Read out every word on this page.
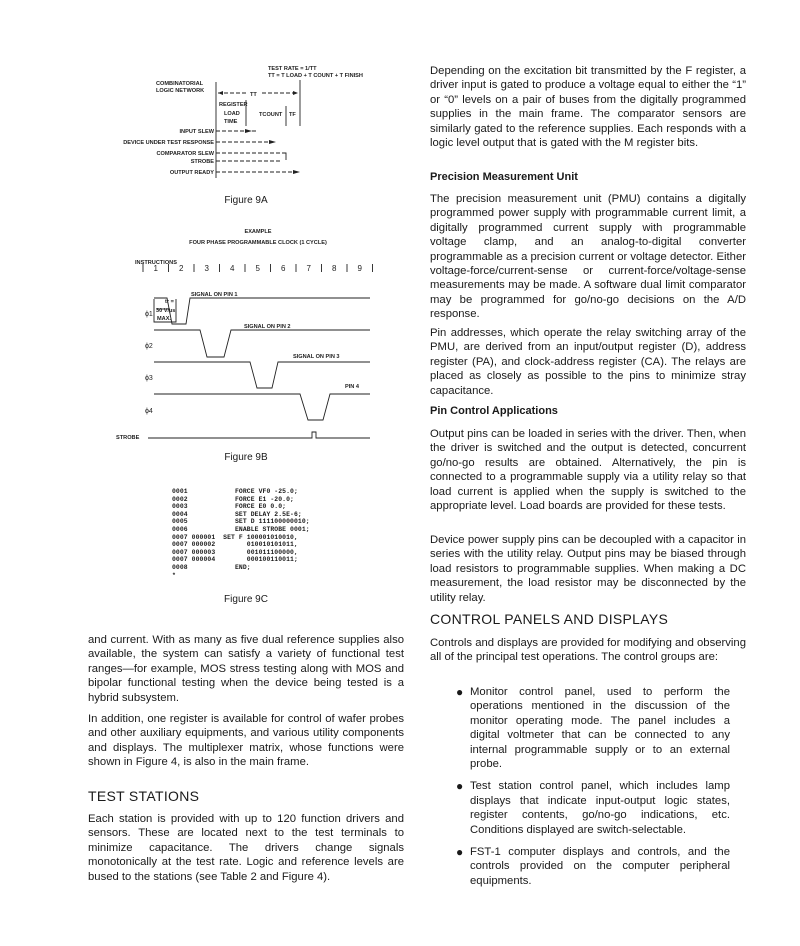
TEST RATE = 1/TT
TT = T LOAD + T COUNT + T FINISH
COMBINATORIAL
LOGIC NETWORK
TT
REGISTER
LOAD
TIME
TCOUNT TF
INPUT SLEW
DEVICE UNDER TEST RESPONSE
COMPARATOR SLEW
STROBE
OUTPUT READY
Figure 9A
EXAMPLE
FOUR PHASE PROGRAMMABLE CLOCK (1 CYCLE)
INSTRUCTIONS
1	2	3	4	5	6	7	8	9
SIGNAL ON PIN 1
SIGNAL ON PIN 2
SIGNAL ON PIN 3
PIN 4
tr =
30 V/µs
MAX.
STROBE
ϕ1
ϕ2
ϕ3
ϕ4
Figure 9B
0001            FORCE VF0 -25.0;
0002            FORCE E1 -20.0;
0003            FORCE E0 0.0;
0004            SET DELAY 2.5E-6;
0005            SET D 111100000010;
0006            ENABLE STROBE 0001;
0007 000001  SET F 100001010010,
0007 000002        010010101011,
0007 000003        001011100000,
0007 000004        000100110011;
0008            END;
*
Figure 9C

and current. With as many as five dual reference supplies also available, the system can satisfy a variety of functional test ranges—for example, MOS stress testing along with MOS and bipolar functional testing when the device being tested is a hybrid subsystem.

In addition, one register is available for control of wafer probes and other auxiliary equipments, and various utility components and displays. The multiplexer matrix, whose functions were shown in Figure 4, is also in the main frame.

TEST STATIONS

Each station is provided with up to 120 function drivers and sensors. These are located next to the test terminals to minimize capacitance. The drivers change signals monotonically at the test rate. Logic and reference levels are bused to the stations (see Table 2 and Figure 4).

Depending on the excitation bit transmitted by the F register, a driver input is gated to produce a voltage equal to either the “1” or “0” levels on a pair of buses from the digitally programmed supplies in the main frame. The comparator sensors are similarly gated to the reference supplies. Each responds with a logic level output that is gated with the M register bits.

Precision Measurement Unit

The precision measurement unit (PMU) contains a digitally programmed power supply with programmable current limit, a digitally programmed current supply with programmable voltage clamp, and an analog-to-digital converter programmable as a precision current or voltage detector. Either voltage-force/current-sense or current-force/voltage-sense measurements may be made. A software dual limit comparator may be programmed for go/no-go decisions on the A/D response.

Pin addresses, which operate the relay switching array of the PMU, are derived from an input/output register (D), address register (PA), and clock-address register (CA). The relays are placed as closely as possible to the pins to minimize stray capacitance.

Pin Control Applications

Output pins can be loaded in series with the driver. Then, when the driver is switched and the output is detected, concurrent go/no-go results are obtained. Alternatively, the pin is connected to a programmable supply via a utility relay so that load current is applied when the supply is switched to the appropriate level. Load boards are provided for these tests.

Device power supply pins can be decoupled with a capacitor in series with the utility relay. Output pins may be biased through load resistors to programmable supplies. When making a DC measurement, the load resistor may be disconnected by the utility relay.

CONTROL PANELS AND DISPLAYS

Controls and displays are provided for modifying and observing all of the principal test operations. The control groups are:

● Monitor control panel, used to perform the operations mentioned in the discussion of the monitor operating mode. The panel includes a digital voltmeter that can be connected to any internal programmable supply or to an external probe.
● Test station control panel, which includes lamp displays that indicate input-output logic states, register contents, go/no-go indications, etc. Conditions displayed are switch-selectable.
● FST-1 computer displays and controls, and the controls provided on the computer peripheral equipments.
